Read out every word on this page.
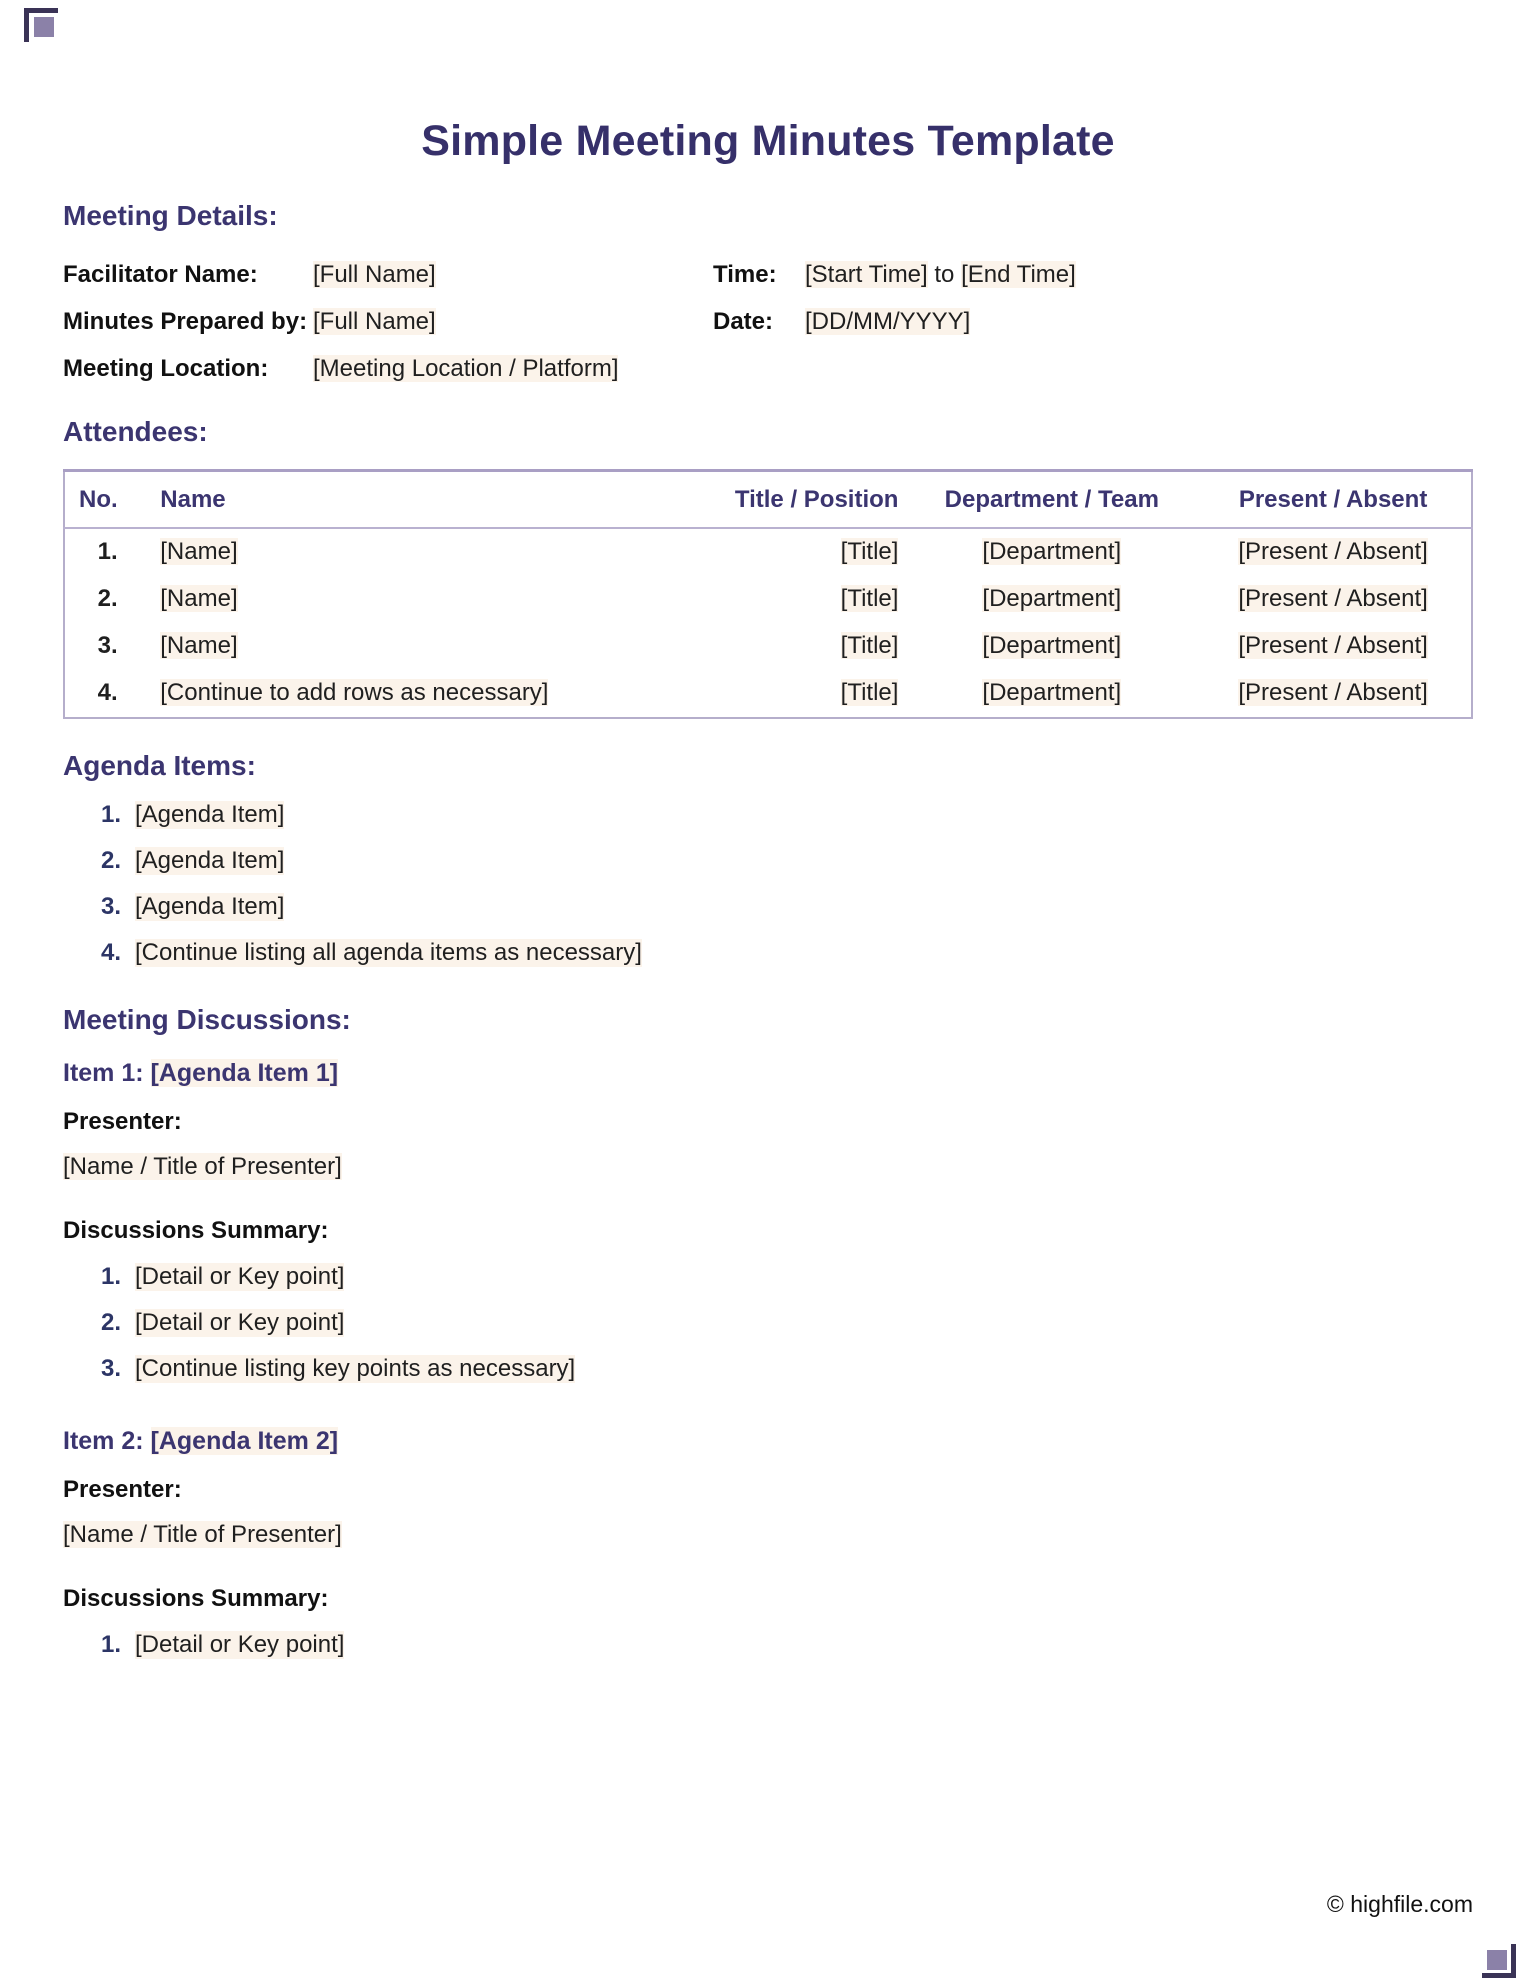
Simple Meeting Minutes Template
Meeting Details:
Facilitator Name:	[Full Name]	Time:	[Start Time] to [End Time]
Minutes Prepared by: [Full Name]	Date:	[DD/MM/YYYY]
Meeting Location:	[Meeting Location / Platform]
Attendees:
No.	Name	Title / Position	Department / Team	Present / Absent
1.	[Name]	[Title]	[Department]	[Present / Absent]
2.	[Name]	[Title]	[Department]	[Present / Absent]
3.	[Name]	[Title]	[Department]	[Present / Absent]
4.	[Continue to add rows as necessary]	[Title]	[Department]	[Present / Absent]
Agenda Items:
1. [Agenda Item]
2. [Agenda Item]
3. [Agenda Item]
4. [Continue listing all agenda items as necessary]
Meeting Discussions:
Item 1: [Agenda Item 1]
Presenter:
[Name / Title of Presenter]
Discussions Summary:
1. [Detail or Key point]
2. [Detail or Key point]
3. [Continue listing key points as necessary]
Item 2: [Agenda Item 2]
Presenter:
[Name / Title of Presenter]
Discussions Summary:
1. [Detail or Key point]
© highfile.com
